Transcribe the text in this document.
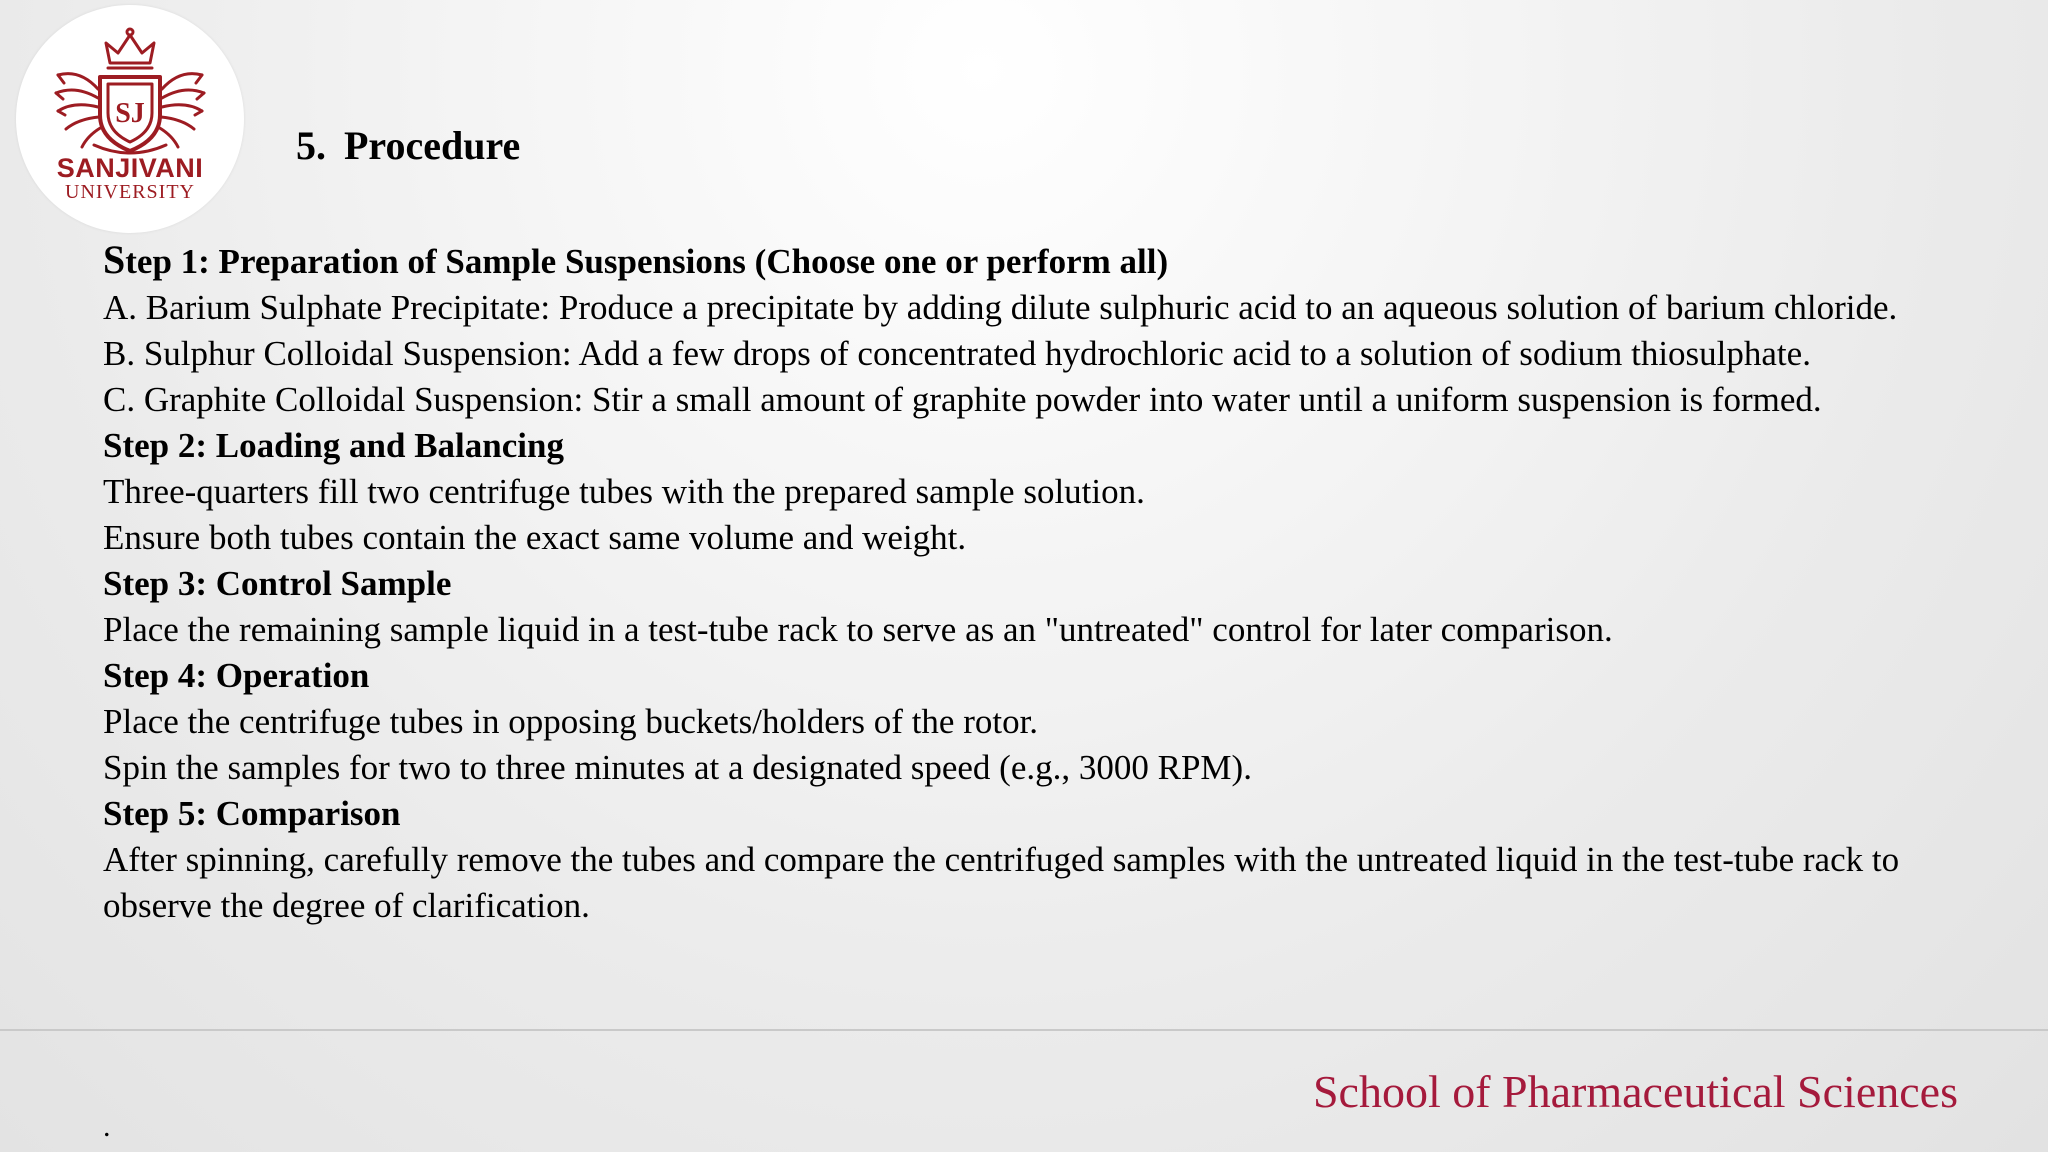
SJ
SANJIVANI
UNIVERSITY
5. Procedure

Step 1: Preparation of Sample Suspensions (Choose one or perform all)

A. Barium Sulphate Precipitate: Produce a precipitate by adding dilute sulphuric acid to an aqueous solution of barium chloride.

B. Sulphur Colloidal Suspension: Add a few drops of concentrated hydrochloric acid to a solution of sodium thiosulphate.

C. Graphite Colloidal Suspension: Stir a small amount of graphite powder into water until a uniform suspension is formed.

Step 2: Loading and Balancing

Three-quarters fill two centrifuge tubes with the prepared sample solution.

Ensure both tubes contain the exact same volume and weight.

Step 3: Control Sample

Place the remaining sample liquid in a test-tube rack to serve as an "untreated" control for later comparison.

Step 4: Operation

Place the centrifuge tubes in opposing buckets/holders of the rotor.

Spin the samples for two to three minutes at a designated speed (e.g., 3000 RPM).

Step 5: Comparison

After spinning, carefully remove the tubes and compare the centrifuged samples with the untreated liquid in the test-tube rack to observe the degree of clarification.

School of Pharmaceutical Sciences
.
